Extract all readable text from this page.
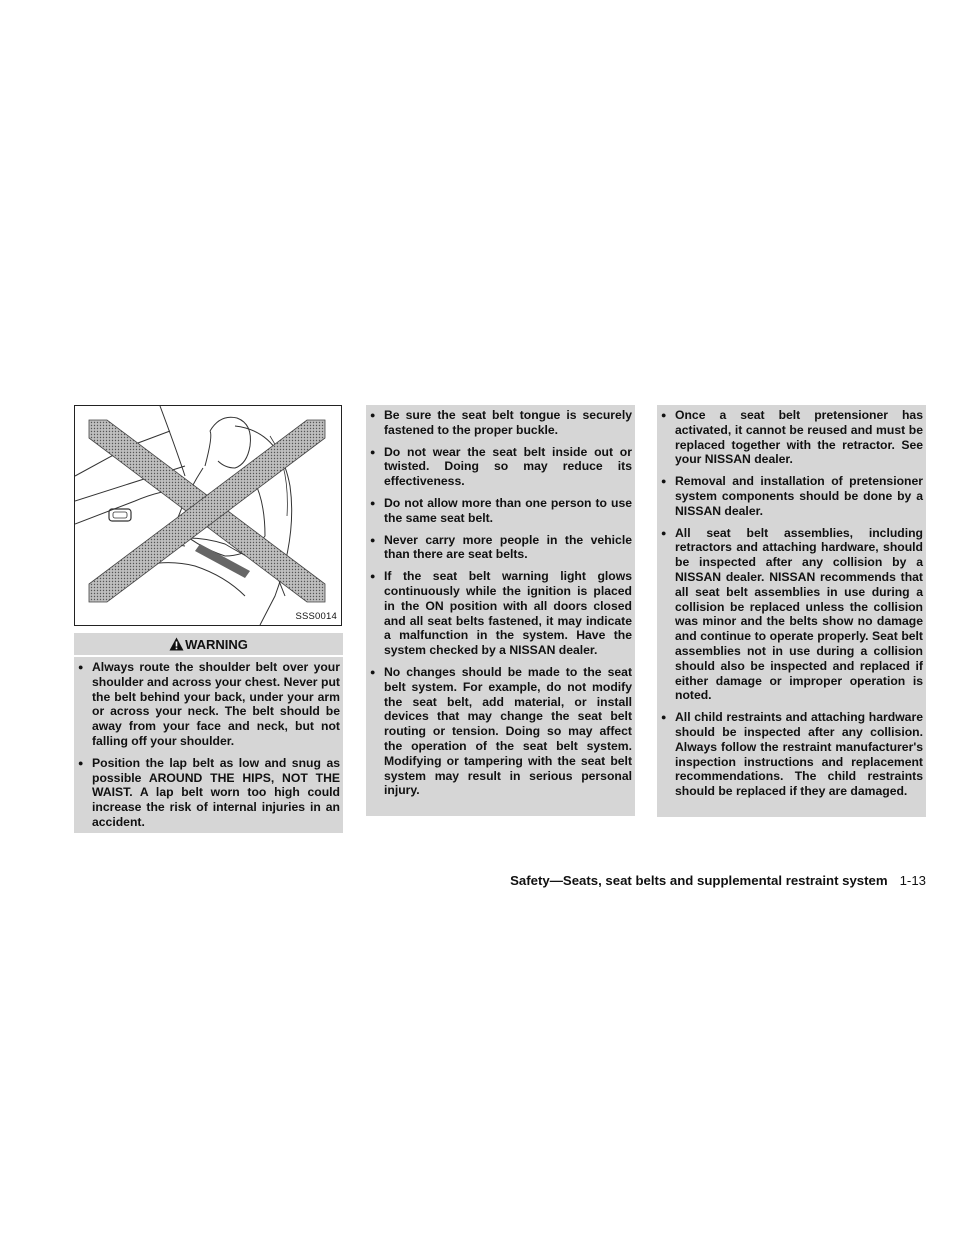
SSS0014
WARNING
● Always route the shoulder belt over your shoulder and across your chest. Never put the belt behind your back, under your arm or across your neck. The belt should be away from your face and neck, but not falling off your shoulder.
● Position the lap belt as low and snug as possible AROUND THE HIPS, NOT THE WAIST. A lap belt worn too high could increase the risk of internal injuries in an accident.
● Be sure the seat belt tongue is securely fastened to the proper buckle.
● Do not wear the seat belt inside out or twisted. Doing so may reduce its effectiveness.
● Do not allow more than one person to use the same seat belt.
● Never carry more people in the vehicle than there are seat belts.
● If the seat belt warning light glows continuously while the ignition is placed in the ON position with all doors closed and all seat belts fastened, it may indicate a malfunction in the system. Have the system checked by a NISSAN dealer.
● No changes should be made to the seat belt system. For example, do not modify the seat belt, add material, or install devices that may change the seat belt routing or tension. Doing so may affect the operation of the seat belt system. Modifying or tampering with the seat belt system may result in serious personal injury.
● Once a seat belt pretensioner has activated, it cannot be reused and must be replaced together with the retractor. See your NISSAN dealer.
● Removal and installation of pretensioner system components should be done by a NISSAN dealer.
● All seat belt assemblies, including retractors and attaching hardware, should be inspected after any collision by a NISSAN dealer. NISSAN recommends that all seat belt assemblies in use during a collision be replaced unless the collision was minor and the belts show no damage and continue to operate properly. Seat belt assemblies not in use during a collision should also be inspected and replaced if either damage or improper operation is noted.
● All child restraints and attaching hardware should be inspected after any collision. Always follow the restraint manufacturer's inspection instructions and replacement recommendations. The child restraints should be replaced if they are damaged.
Safety—Seats, seat belts and supplemental restraint system 1-13
